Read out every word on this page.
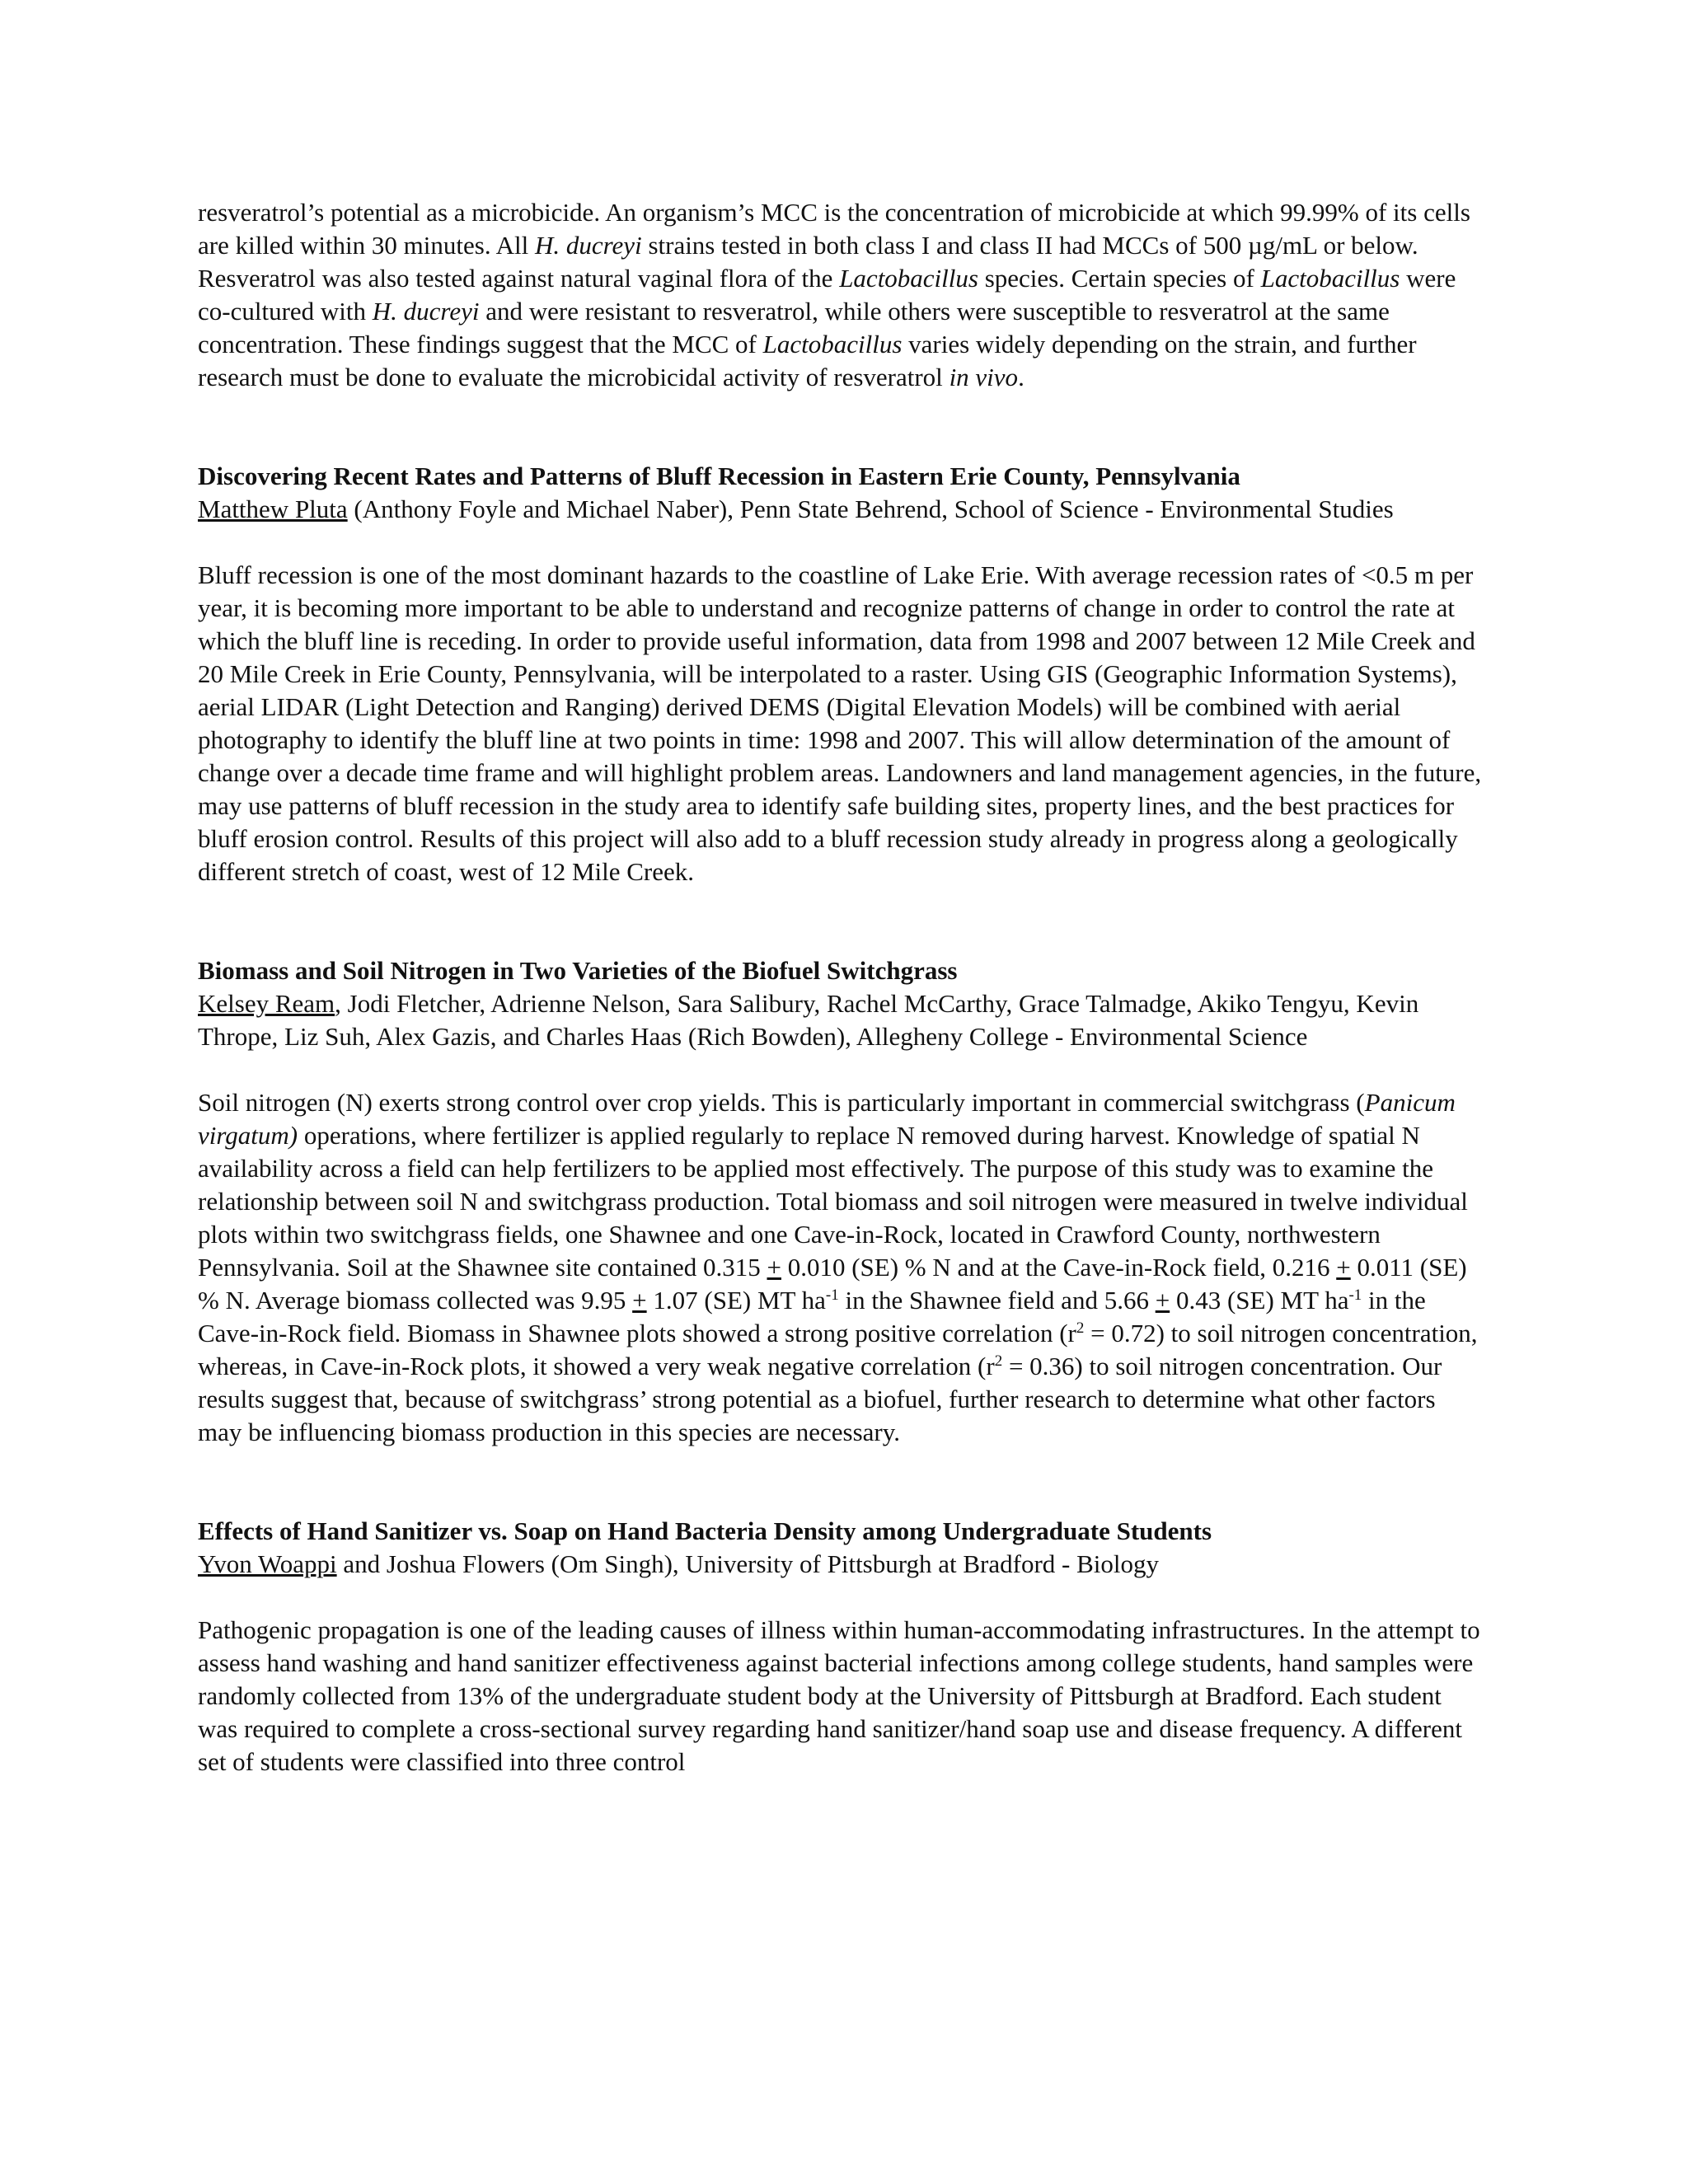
resveratrol’s potential as a microbicide. An organism’s MCC is the concentration of microbicide at which 99.99% of its cells are killed within 30 minutes. All H. ducreyi strains tested in both class I and class II had MCCs of 500 µg/mL or below. Resveratrol was also tested against natural vaginal flora of the Lactobacillus species. Certain species of Lactobacillus were co-cultured with H. ducreyi and were resistant to resveratrol, while others were susceptible to resveratrol at the same concentration. These findings suggest that the MCC of Lactobacillus varies widely depending on the strain, and further research must be done to evaluate the microbicidal activity of resveratrol in vivo.

Discovering Recent Rates and Patterns of Bluff Recession in Eastern Erie County, Pennsylvania

Matthew Pluta (Anthony Foyle and Michael Naber), Penn State Behrend, School of Science - Environmental Studies

Bluff recession is one of the most dominant hazards to the coastline of Lake Erie. With average recession rates of <0.5 m per year, it is becoming more important to be able to understand and recognize patterns of change in order to control the rate at which the bluff line is receding. In order to provide useful information, data from 1998 and 2007 between 12 Mile Creek and 20 Mile Creek in Erie County, Pennsylvania, will be interpolated to a raster. Using GIS (Geographic Information Systems), aerial LIDAR (Light Detection and Ranging) derived DEMS (Digital Elevation Models) will be combined with aerial photography to identify the bluff line at two points in time: 1998 and 2007. This will allow determination of the amount of change over a decade time frame and will highlight problem areas. Landowners and land management agencies, in the future, may use patterns of bluff recession in the study area to identify safe building sites, property lines, and the best practices for bluff erosion control. Results of this project will also add to a bluff recession study already in progress along a geologically different stretch of coast, west of 12 Mile Creek.

Biomass and Soil Nitrogen in Two Varieties of the Biofuel Switchgrass

Kelsey Ream, Jodi Fletcher, Adrienne Nelson, Sara Salibury, Rachel McCarthy, Grace Talmadge, Akiko Tengyu, Kevin Thrope, Liz Suh, Alex Gazis, and Charles Haas (Rich Bowden), Allegheny College - Environmental Science

Soil nitrogen (N) exerts strong control over crop yields. This is particularly important in commercial switchgrass (Panicum virgatum) operations, where fertilizer is applied regularly to replace N removed during harvest. Knowledge of spatial N availability across a field can help fertilizers to be applied most effectively. The purpose of this study was to examine the relationship between soil N and switchgrass production. Total biomass and soil nitrogen were measured in twelve individual plots within two switchgrass fields, one Shawnee and one Cave-in-Rock, located in Crawford County, northwestern Pennsylvania. Soil at the Shawnee site contained 0.315 + 0.010 (SE) % N and at the Cave-in-Rock field, 0.216 + 0.011 (SE) % N. Average biomass collected was 9.95 + 1.07 (SE) MT $ha^{-1}$ in the Shawnee field and 5.66 + 0.43 (SE) MT $ha^{-1}$ in the Cave-in-Rock field. Biomass in Shawnee plots showed a strong positive correlation $(r^2 = 0.72)$ to soil nitrogen concentration, whereas, in Cave-in-Rock plots, it showed a very weak negative correlation $(r^2 = 0.36)$ to soil nitrogen concentration. Our results suggest that, because of switchgrass’ strong potential as a biofuel, further research to determine what other factors may be influencing biomass production in this species are necessary.

Effects of Hand Sanitizer vs. Soap on Hand Bacteria Density among Undergraduate Students

Yvon Woappi and Joshua Flowers (Om Singh), University of Pittsburgh at Bradford - Biology

Pathogenic propagation is one of the leading causes of illness within human-accommodating infrastructures. In the attempt to assess hand washing and hand sanitizer effectiveness against bacterial infections among college students, hand samples were randomly collected from 13% of the undergraduate student body at the University of Pittsburgh at Bradford. Each student was required to complete a cross-sectional survey regarding hand sanitizer/hand soap use and disease frequency. A different set of students were classified into three control
